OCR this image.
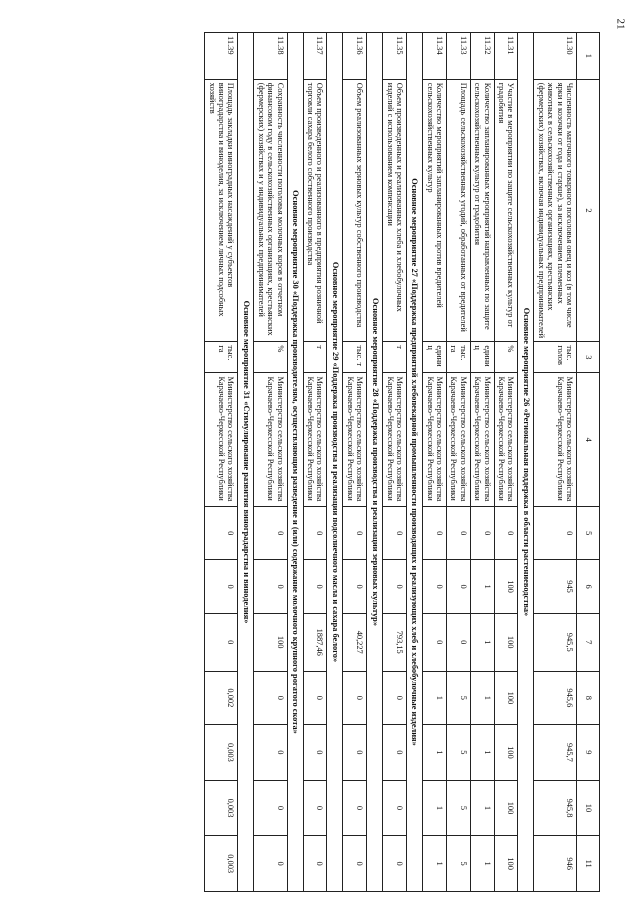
21
1	2	3	4	5	6	7	8	9	10	11
11.30	Численность маточного товарного поголовья овец и коз (в том числе ярки и козочки от года и старше), за исключением племенных животных в сельскохозяйственных организациях, крестьянских (фермерских) хозяйствах, включая индивидуальных предпринимателей	тыс. голов	Министерство сельского хозяйства Карачаево-Черкесской Республики	0	945	945,5	945,6	945,7	945,8	946
Основное мероприятие 26 «Региональная поддержка в области растениеводства»										
11.31	Участие в мероприятии по защите сельскохозяйственных культур от градобития	%	Министерство сельского хозяйства Карачаево-Черкесской Республики	0	100	100	100	100	100	100
11.32	Количество запланированных мероприятий направленных по защите сельскохозяйственных культур от градобития	единиц	Министерство сельского хозяйства Карачаево-Черкесской Республики	0	1	1	1	1	1	1
11.33	Площадь сельскохозяйственных угодий, обработанных от вредителей	тыс. га	Министерство сельского хозяйства Карачаево-Черкесской Республики	0	0	0	5	5	5	5
11.34	Количество мероприятий запланированных против вредителей сельскохозяйственных культур	единиц	Министерство сельского хозяйства Карачаево-Черкесской Республики	0	0	0	1	1	1	1
Основное мероприятие 27 «Поддержка предприятий хлебопекарной промышленности производящих и реализующих хлеб и хлебобулочные изделия»										
11.35	Объем произведенных и реализованных хлеба и хлебобулочных изделий с использованием компенсации	т	Министерство сельского хозяйства Карачаево-Черкесской Республики	0	0	793,15	0	0	0	0
Основное мероприятие 28 «Поддержка производства и реализации зерновых культур»										
11.36	Объем реализованных зерновых культур собственного производства	тыс. т	Министерство сельского хозяйства Карачаево-Черкесской Республики	0	0	40,227	0	0	0	0
Основное мероприятие 29 «Поддержка производства и реализации подсолнечного масла и сахара белого»										
11.37	Объем произведенного и реализованного в предприятия розничной торговли сахара белого собственного производства	т	Министерство сельского хозяйства Карачаево-Черкесской Республики	0	0	1887,46	0	0	0	0
Основное мероприятие 30 «Поддержка производителям, осуществляющим разведение и (или) содержание молочного крупного рогатого скота»										
11.38	Сохранность численности поголовья молочных коров в отчетном финансовом году в сельскохозяйственных организациях, крестьянских (фермерских) хозяйствах и у индивидуальных предпринимателей	%	Министерство сельского хозяйства Карачаево-Черкесской Республики	0	0	100	0	0	0	0
Основное мероприятие 31 «Стимулирование развития виноградарства и виноделия»										
11.39	Площадь закладки виноградных насаждений у субъектов виноградарства и виноделия, за исключением личных подсобных хозяйств	тыс. га	Министерство сельского хозяйства Карачаево-Черкесской Республики	0	0	0	0,002	0,003	0,003	0,003
